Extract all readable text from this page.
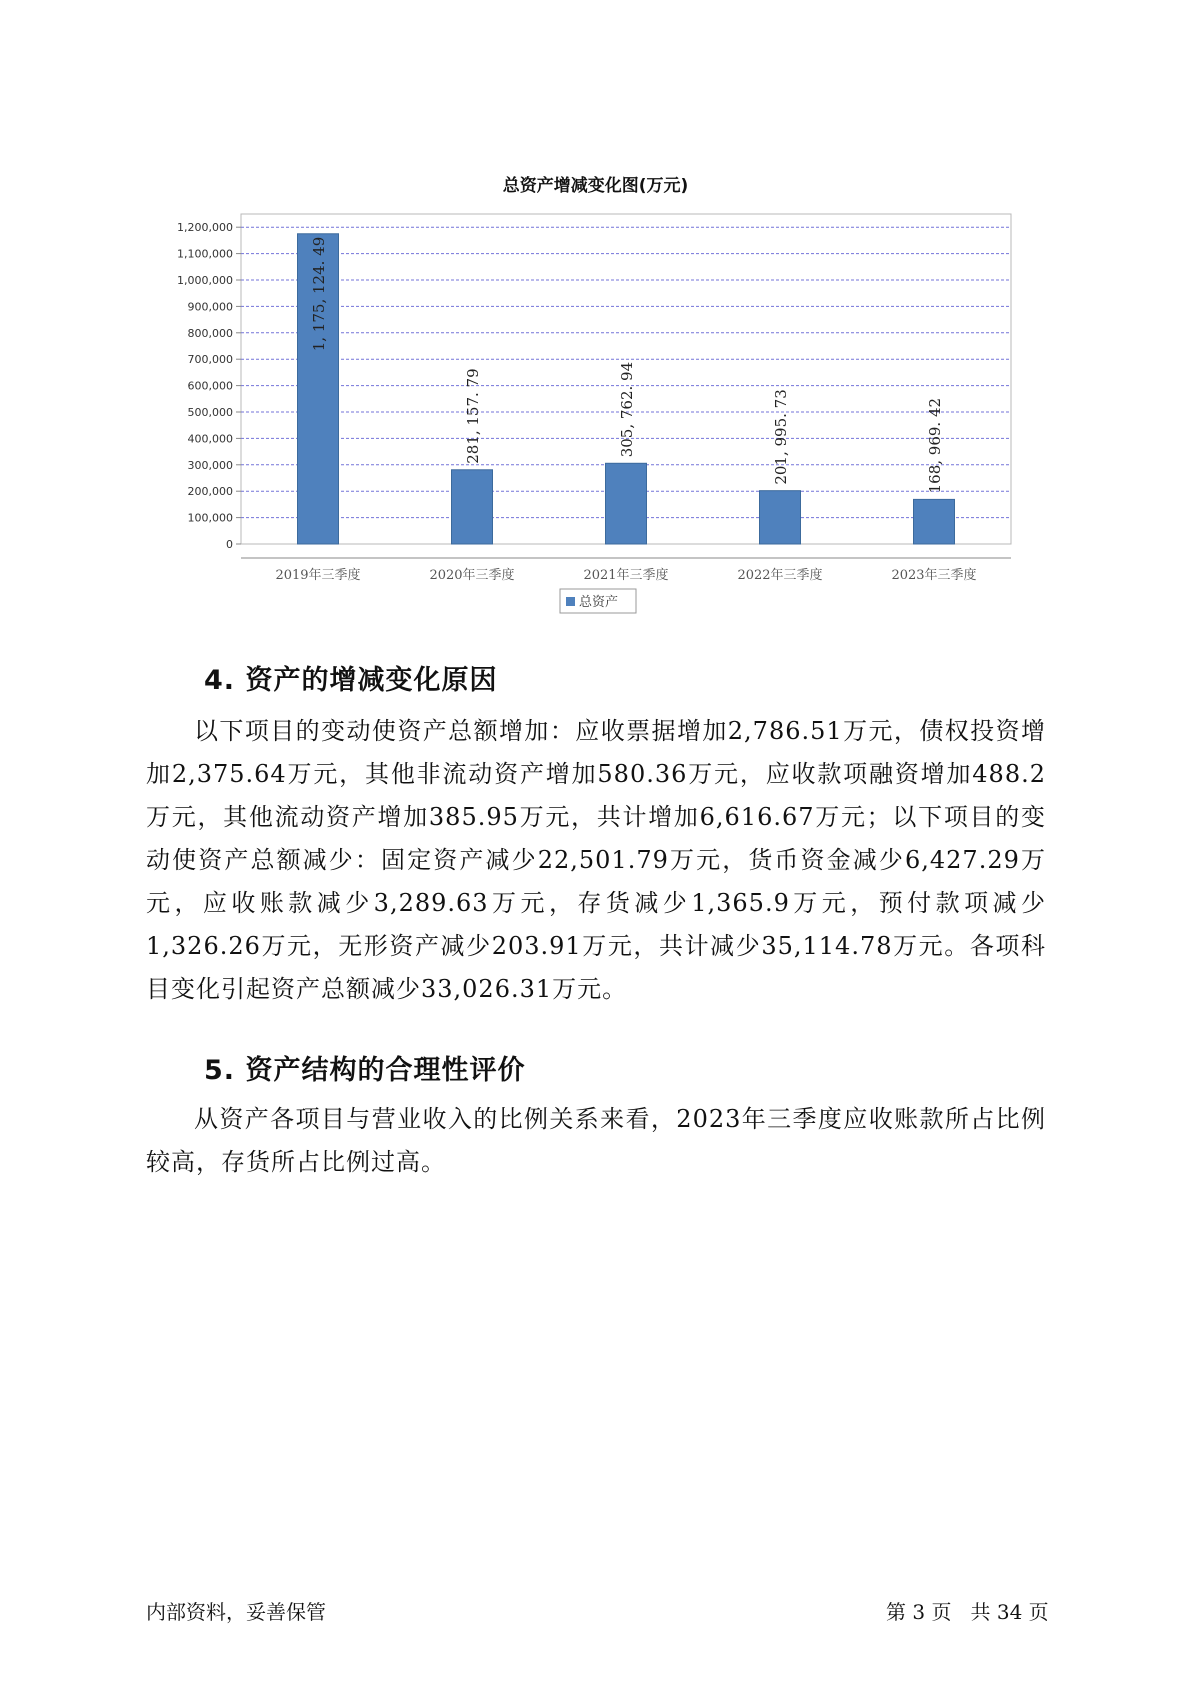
总资产增减变化图(万元)
0
100,000
200,000
300,000
400,000
500,000
600,000
700,000
800,000
900,000
1,000,000
1,100,000
1,200,000
1, 175, 124. 49
2019年三季度
281, 157. 79
2020年三季度
305, 762. 94
2021年三季度
201, 995. 73
2022年三季度
168, 969. 42
2023年三季度
总资产
4. 资产的增减变化原因

以下项目的变动使资产总额增加：应收票据增加2,786.51万元，债权投资增加2,375.64万元，其他非流动资产增加580.36万元，应收款项融资增加488.2万元，其他流动资产增加385.95万元，共计增加6,616.67万元；以下项目的变动使资产总额减少：固定资产减少22,501.79万元，货币资金减少6,427.29万元，应收账款减少3,289.63万元，存货减少1,365.9万元，预付款项减少1,326.26万元，无形资产减少203.91万元，共计减少35,114.78万元。各项科目变化引起资产总额减少33,026.31万元。

5. 资产结构的合理性评价

从资产各项目与营业收入的比例关系来看，2023年三季度应收账款所占比例较高，存货所占比例过高。

内部资料，妥善保管	第 3 页   共 34 页
